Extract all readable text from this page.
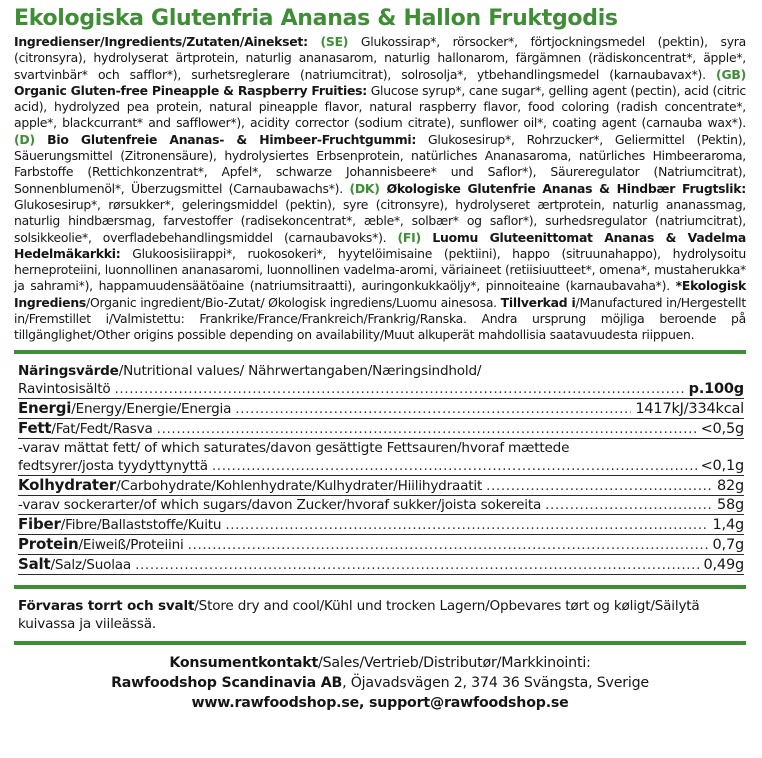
Ekologiska Glutenfria Ananas & Hallon Fruktgodis

Ingredienser/Ingredients/Zutaten/Ainekset: (SE) Glukossirap*, rörsocker*, förtjockningsmedel (pektin), syra (citronsyra), hydrolyserat ärtprotein, naturlig ananasarom, naturlig hallonarom, färgämnen (rädiskoncentrat*, äpple*, svartvinbär* och safflor*), surhetsreglerare (natriumcitrat), solrosolja*, ytbehandlingsmedel (karnaubavax*). (GB) Organic Gluten-free Pineapple & Raspberry Fruities: Glucose syrup*, cane sugar*, gelling agent (pectin), acid (citric acid), hydrolyzed pea protein, natural pineapple flavor, natural raspberry flavor, food coloring (radish concentrate*, apple*, blackcurrant* and safflower*), acidity corrector (sodium citrate), sunflower oil*, coating agent (carnauba wax*). (D) Bio Glutenfreie Ananas- & Himbeer-Fruchtgummi: Glukosesirup*, Rohrzucker*, Geliermittel (Pektin), Säuerungsmittel (Zitronensäure), hydrolysiertes Erbsenprotein, natürliches Ananasaroma, natürliches Himbeeraroma, Farbstoffe (Rettichkonzentrat*, Apfel*, schwarze Johannisbeere* und Saflor*), Säureregulator (Natriumcitrat), Sonnenblumenöl*, Überzugsmittel (Carnaubawachs*). (DK) Økologiske Glutenfrie Ananas & Hindbær Frugtslik: Glukosesirup*, rørsukker*, geleringsmiddel (pektin), syre (citronsyre), hydrolyseret ærtprotein, naturlig ananassmag, naturlig hindbærsmag, farvestoffer (radisekoncentrat*, æble*, solbær* og saflor*), surhedsregulator (natriumcitrat), solsikkeolie*, overfladebehandlingsmiddel (carnaubavoks*). (FI) Luomu Gluteenittomat Ananas & Vadelma Hedelmäkarkki: Glukoosisiirappi*, ruokosokeri*, hyytelöimisaine (pektiini), happo (sitruunahappo), hydrolysoitu herneproteiini, luonnollinen ananasaromi, luonnollinen vadelma-aromi, väriaineet (retiisiuutteet*, omena*, mustaherukka* ja sahrami*), happamuudensäätöaine (natriumsitraatti), auringonkukkaöljy*, pinnoiteaine (karnaubavaha*). *Ekologisk Ingrediens/Organic ingredient/Bio-Zutat/ Økologisk ingrediens/Luomu ainesosa. Tillverkad i/Manufactured in/Hergestellt in/Fremstillet i/Valmistettu: Frankrike/France/Frankreich/Frankrig/Ranska. Andra ursprung möjliga beroende på tillgänglighet/Other origins possible depending on availability/Muut alkuperät mahdollisia saatavuudesta riippuen.

Näringsvärde/Nutritional values/ Nährwertangaben/Næringsindhold/
Ravintosisältö .....	p.100g
Energi/Energy/Energie/Energia .....	1417kJ/334kcal
Fett/Fat/Fedt/Rasva .....	<0,5g
-varav mättat fett/ of which saturates/davon gesättigte Fettsauren/hvoraf mættede
fedtsyrer/josta tyydyttynyttä .....	<0,1g
Kolhydrater/Carbohydrate/Kohlenhydrate/Kulhydrater/Hiilihydraatit .....	82g
-varav sockerarter/of which sugars/davon Zucker/hvoraf sukker/joista sokereita .....	58g
Fiber/Fibre/Ballaststoffe/Kuitu .....	1,4g
Protein/Eiweiß/Proteiini .....	0,7g
Salt/Salz/Suolaa .....	0,49g
Förvaras torrt och svalt/Store dry and cool/Kühl und trocken Lagern/Opbevares tørt og køligt/Säilytä kuivassa ja viileässä.
Konsumentkontakt/Sales/Vertrieb/Distributør/Markkinointi:
Rawfoodshop Scandinavia AB, Öjavadsvägen 2, 374 36 Svängsta, Sverige
www.rawfoodshop.se, support@rawfoodshop.se
